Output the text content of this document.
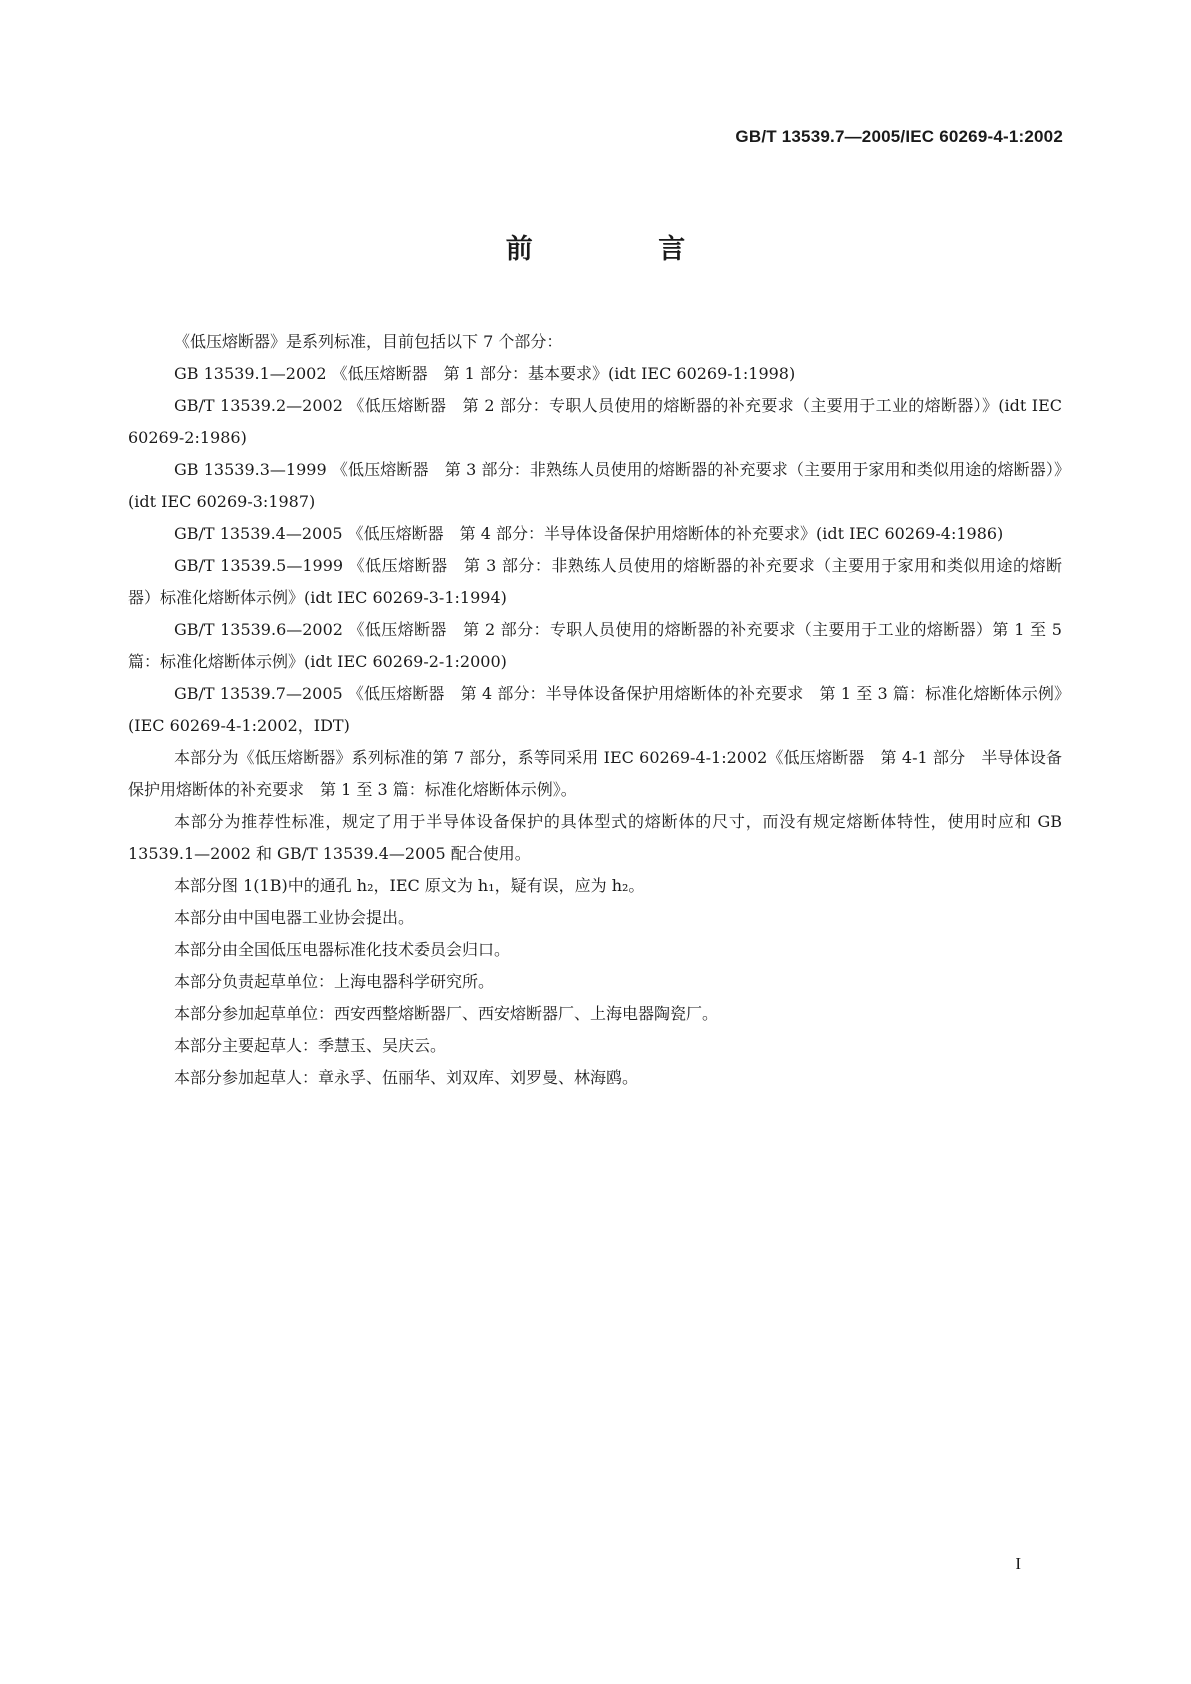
GB/T 13539.7—2005/IEC 60269-4-1:2002
前 言

《低压熔断器》是系列标准，目前包括以下 7 个部分：

GB 13539.1—2002 《低压熔断器　第 1 部分：基本要求》(idt IEC 60269-1:1998)

GB/T 13539.2—2002 《低压熔断器　第 2 部分：专职人员使用的熔断器的补充要求（主要用于工业的熔断器）》(idt IEC 60269-2:1986)

GB 13539.3—1999 《低压熔断器　第 3 部分：非熟练人员使用的熔断器的补充要求（主要用于家用和类似用途的熔断器）》(idt IEC 60269-3:1987)

GB/T 13539.4—2005 《低压熔断器　第 4 部分：半导体设备保护用熔断体的补充要求》(idt IEC 60269-4:1986)

GB/T 13539.5—1999 《低压熔断器　第 3 部分：非熟练人员使用的熔断器的补充要求（主要用于家用和类似用途的熔断器）标准化熔断体示例》(idt IEC 60269-3-1:1994)

GB/T 13539.6—2002 《低压熔断器　第 2 部分：专职人员使用的熔断器的补充要求（主要用于工业的熔断器）第 1 至 5 篇：标准化熔断体示例》(idt IEC 60269-2-1:2000)

GB/T 13539.7—2005 《低压熔断器　第 4 部分：半导体设备保护用熔断体的补充要求　第 1 至 3 篇：标准化熔断体示例》(IEC 60269-4-1:2002，IDT)

本部分为《低压熔断器》系列标准的第 7 部分，系等同采用 IEC 60269-4-1:2002《低压熔断器　第 4-1 部分　半导体设备保护用熔断体的补充要求　第 1 至 3 篇：标准化熔断体示例》。

本部分为推荐性标准，规定了用于半导体设备保护的具体型式的熔断体的尺寸，而没有规定熔断体特性，使用时应和 GB 13539.1—2002 和 GB/T 13539.4—2005 配合使用。

本部分图 1(1B)中的通孔 h₂，IEC 原文为 h₁，疑有误，应为 h₂。

本部分由中国电器工业协会提出。

本部分由全国低压电器标准化技术委员会归口。

本部分负责起草单位：上海电器科学研究所。

本部分参加起草单位：西安西整熔断器厂、西安熔断器厂、上海电器陶瓷厂。

本部分主要起草人：季慧玉、吴庆云。

本部分参加起草人：章永孚、伍丽华、刘双库、刘罗曼、林海鸥。

I
